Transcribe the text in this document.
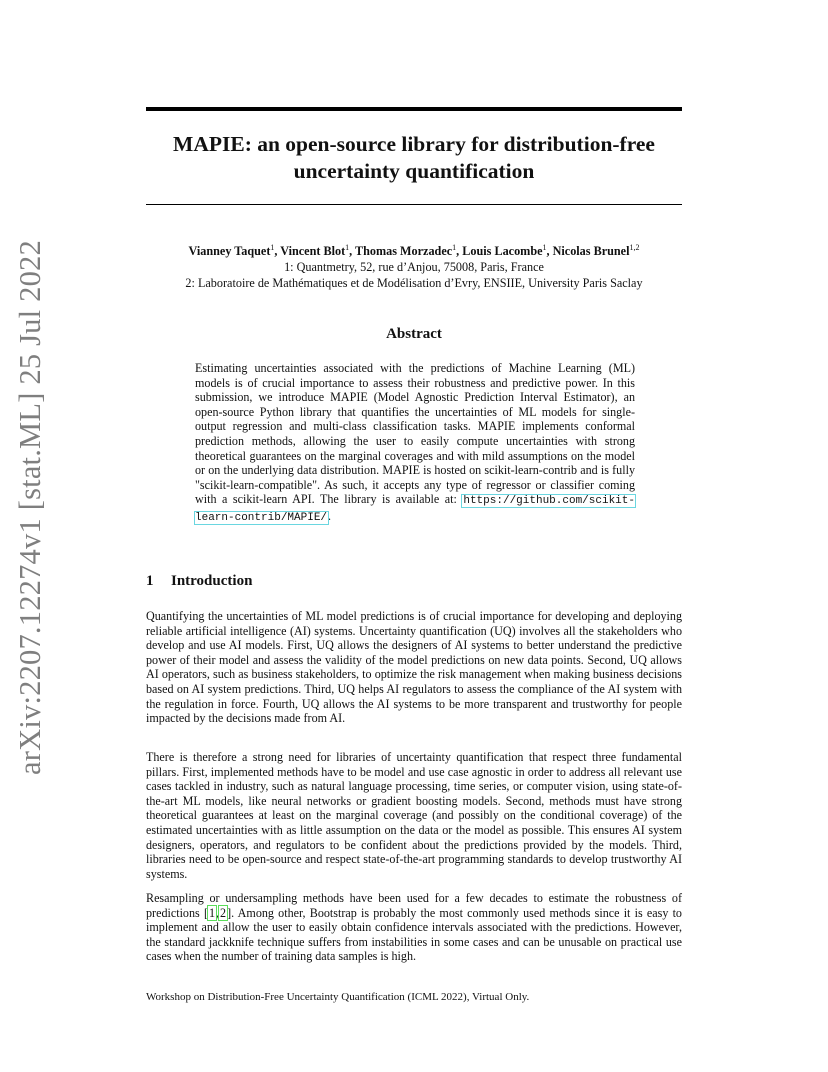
arXiv:2207.12274v1 [stat.ML] 25 Jul 2022
MAPIE: an open-source library for distribution-free
uncertainty quantification
Vianney Taquet$^1$, Vincent Blot$^1$, Thomas Morzadec$^1$, Louis Lacombe$^1$, Nicolas Brunel$^{1,2}$
1: Quantmetry, 52, rue d’Anjou, 75008, Paris, France
2: Laboratoire de Mathématiques et de Modélisation d’Evry, ENSIIE, University Paris Saclay
Abstract

Estimating uncertainties associated with the predictions of Machine Learning (ML) models is of crucial importance to assess their robustness and predictive power. In this submission, we introduce MAPIE (Model Agnostic Prediction Interval Estimator), an open-source Python library that quantifies the uncertainties of ML models for single-output regression and multi-class classification tasks. MAPIE implements conformal prediction methods, allowing the user to easily compute uncertainties with strong theoretical guarantees on the marginal coverages and with mild assumptions on the model or on the underlying data distribution. MAPIE is hosted on scikit-learn-contrib and is fully "scikit-learn-compatible". As such, it accepts any type of regressor or classifier coming with a scikit-learn API. The library is available at: https://github.com/scikit-learn-contrib/MAPIE/.

1 Introduction

Quantifying the uncertainties of ML model predictions is of crucial importance for developing and deploying reliable artificial intelligence (AI) systems. Uncertainty quantification (UQ) involves all the stakeholders who develop and use AI models. First, UQ allows the designers of AI systems to better understand the predictive power of their model and assess the validity of the model predictions on new data points. Second, UQ allows AI operators, such as business stakeholders, to optimize the risk management when making business decisions based on AI system predictions. Third, UQ helps AI regulators to assess the compliance of the AI system with the regulation in force. Fourth, UQ allows the AI systems to be more transparent and trustworthy for people impacted by the decisions made from AI.

There is therefore a strong need for libraries of uncertainty quantification that respect three fundamental pillars. First, implemented methods have to be model and use case agnostic in order to address all relevant use cases tackled in industry, such as natural language processing, time series, or computer vision, using state-of-the-art ML models, like neural networks or gradient boosting models. Second, methods must have strong theoretical guarantees at least on the marginal coverage (and possibly on the conditional coverage) of the estimated uncertainties with as little assumption on the data or the model as possible. This ensures AI system designers, operators, and regulators to be confident about the predictions provided by the models. Third, libraries need to be open-source and respect state-of-the-art programming standards to develop trustworthy AI systems.

Resampling or undersampling methods have been used for a few decades to estimate the robustness of predictions [1,2]. Among other, Bootstrap is probably the most commonly used methods since it is easy to implement and allow the user to easily obtain confidence intervals associated with the predictions. However, the standard jackknife technique suffers from instabilities in some cases and can be unusable on practical use cases when the number of training data samples is high.

Workshop on Distribution-Free Uncertainty Quantification (ICML 2022), Virtual Only.
